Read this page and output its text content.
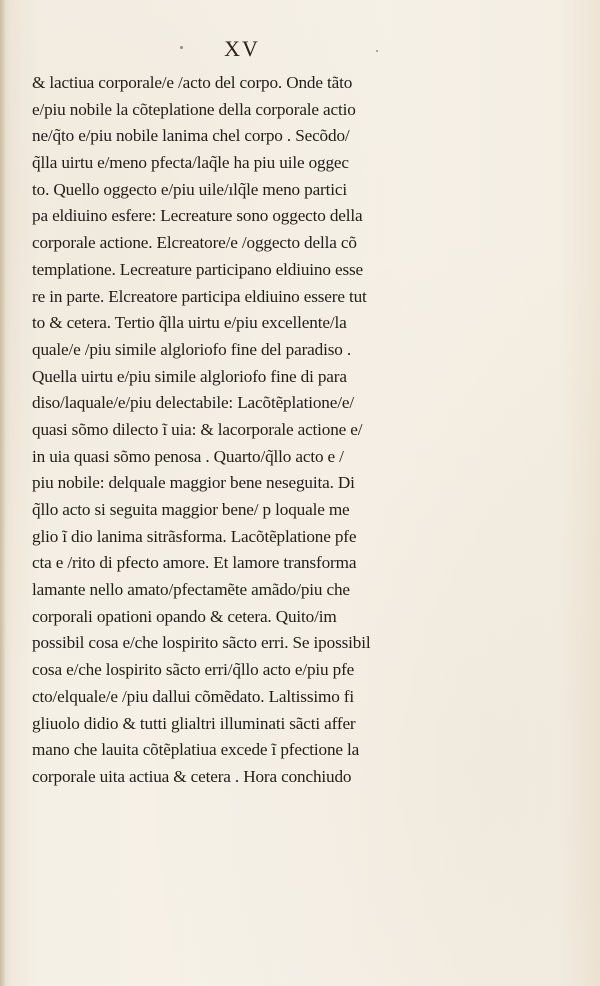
XV
& lactiua corporale/e /acto del corpo. Onde tãto
e/piu nobile la cõteplatione della corporale actio
ne/q̃to e/piu nobile lanima chel corpo . Secõdo/
q̃lla uirtu e/meno pfecta/laq̃le ha piu uile oggec
to. Quello oggecto e/piu uile/ılq̃le meno partici
pa eldiuino esfere: Lecreature sono oggecto della
corporale actione. Elcreatore/e /oggecto della cõ
templatione. Lecreature participano eldiuino esse
re in parte. Elcreatore participa eldiuino essere tut
to & cetera. Tertio q̃lla uirtu e/piu excellente/la
quale/e /piu simile algloriofo fine del paradiso .
Quella uirtu e/piu simile algloriofo fine di para
diso/laquale/e/piu delectabile: Lacõtẽplatione/e/
quasi sõmo dilecto ĩ uia: & lacorporale actione e/
in uia quasi sõmo penosa . Quarto/q̃llo acto e /
piu nobile: delquale maggior bene neseguita. Di
q̃llo acto si seguita maggior bene/ p loquale me
glio ĩ dio lanima sitrãsforma. Lacõtẽplatione pfe
cta e /rito di pfecto amore. Et lamore transforma
lamante nello amato/pfectamẽte amãdo/piu che
corporali opationi opando & cetera. Quito/im
possibil cosa e/che lospirito sãcto erri. Se ipossibil
cosa e/che lospirito sãcto erri/q̃llo acto e/piu pfe
cto/elquale/e /piu dallui cõmẽdato. Laltissimo fi
gliuolo didio & tutti glialtri illuminati sãcti affer
mano che lauita cõtẽplatiua excede ĩ pfectione la
corporale uita actiua & cetera . Hora conchiudo
